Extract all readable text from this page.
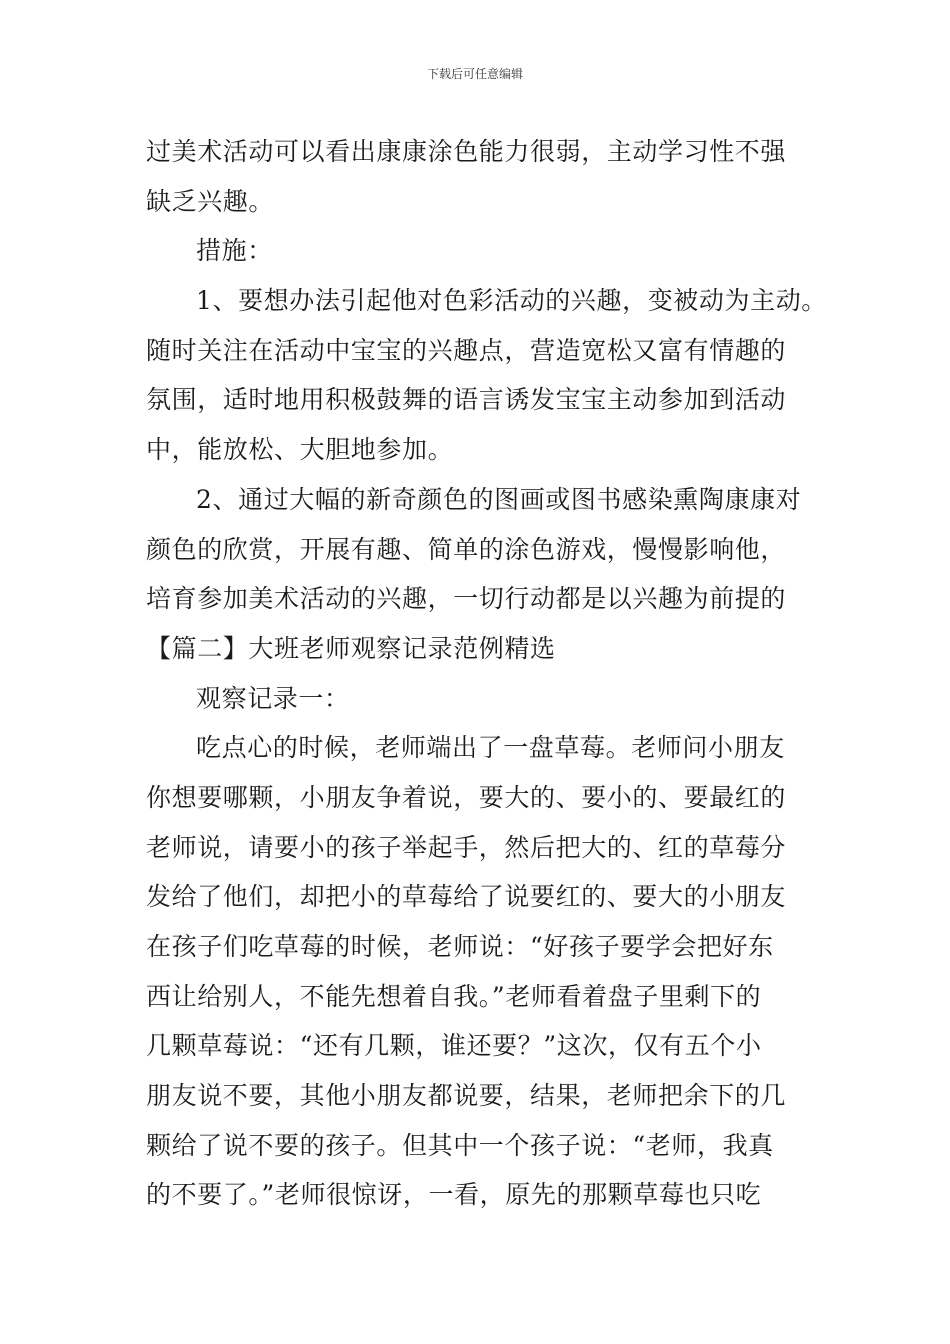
下载后可任意编辑
过美术活动可以看出康康涂色能力很弱，主动学习性不强
缺乏兴趣。
措施：
1、要想办法引起他对色彩活动的兴趣，变被动为主动。
随时关注在活动中宝宝的兴趣点，营造宽松又富有情趣的
氛围，适时地用积极鼓舞的语言诱发宝宝主动参加到活动
中，能放松、大胆地参加。
2、通过大幅的新奇颜色的图画或图书感染熏陶康康对
颜色的欣赏，开展有趣、简单的涂色游戏，慢慢影响他，
培育参加美术活动的兴趣，一切行动都是以兴趣为前提的
【篇二】大班老师观察记录范例精选
观察记录一：
吃点心的时候，老师端出了一盘草莓。老师问小朋友
你想要哪颗，小朋友争着说，要大的、要小的、要最红的
老师说，请要小的孩子举起手，然后把大的、红的草莓分
发给了他们，却把小的草莓给了说要红的、要大的小朋友
在孩子们吃草莓的时候，老师说：“好孩子要学会把好东
西让给别人，不能先想着自我。”老师看着盘子里剩下的
几颗草莓说：“还有几颗，谁还要？”这次，仅有五个小
朋友说不要，其他小朋友都说要，结果，老师把余下的几
颗给了说不要的孩子。但其中一个孩子说：“老师，我真
的不要了。”老师很惊讶，一看，原先的那颗草莓也只吃
